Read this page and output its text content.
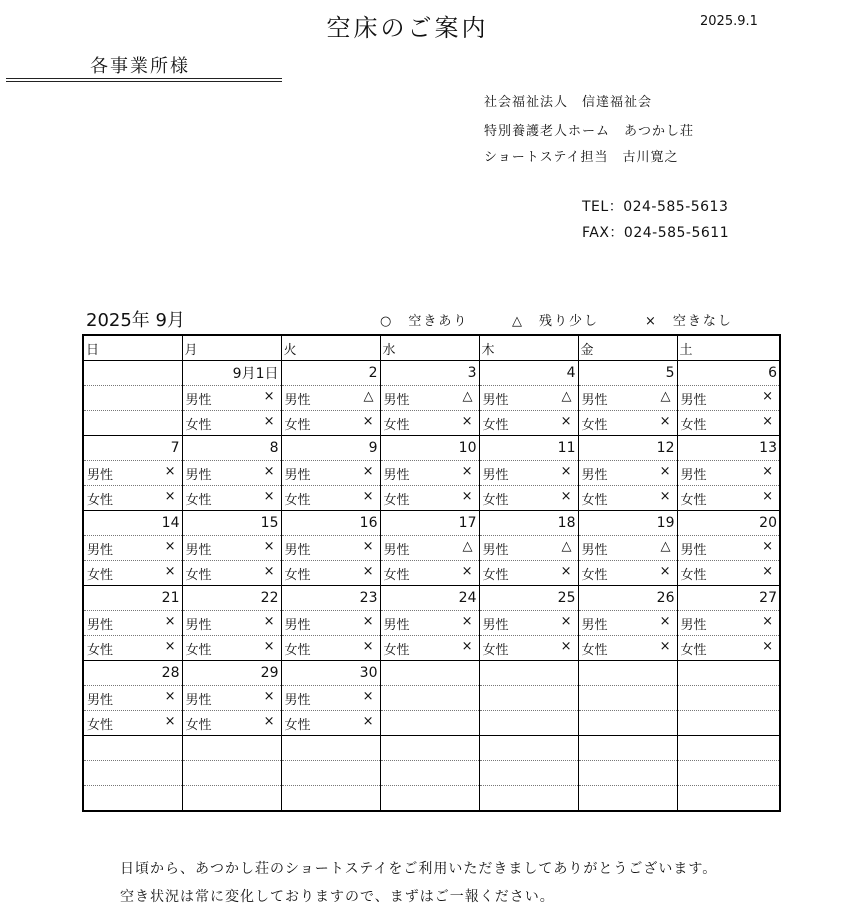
空床のご案内	2025.9.1
各事業所様
社会福祉法人　信達福祉会
特別養護老人ホーム　あつかし荘
ショートステイ担当　古川寛之
TEL：024-585-5613
FAX：024-585-5611
2025年 9月	○　空きあり	△　残り少し	×　空きなし
日	月	火	水	木	金	土
	9月1日	2	3	4	5	6

	男性 ×	男性 △	男性 △	男性 △	男性 △	男性 ×

	女性 ×	女性 ×	女性 ×	女性 ×	女性 ×	女性 ×

7	8	9	10	11	12	13

男性 ×	男性 ×	男性 ×	男性 ×	男性 ×	男性 ×	男性 ×

女性 ×	女性 ×	女性 ×	女性 ×	女性 ×	女性 ×	女性 ×

14	15	16	17	18	19	20

男性 ×	男性 ×	男性 ×	男性 △	男性 △	男性 △	男性 ×

女性 ×	女性 ×	女性 ×	女性 ×	女性 ×	女性 ×	女性 ×

21	22	23	24	25	26	27

男性 ×	男性 ×	男性 ×	男性 ×	男性 ×	男性 ×	男性 ×

女性 ×	女性 ×	女性 ×	女性 ×	女性 ×	女性 ×	女性 ×

28	29	30				

男性 ×	男性 ×	男性 ×				

女性 ×	女性 ×	女性 ×				

日頃から、あつかし荘のショートステイをご利用いただきましてありがとうございます。
空き状況は常に変化しておりますので、まずはご一報ください。
